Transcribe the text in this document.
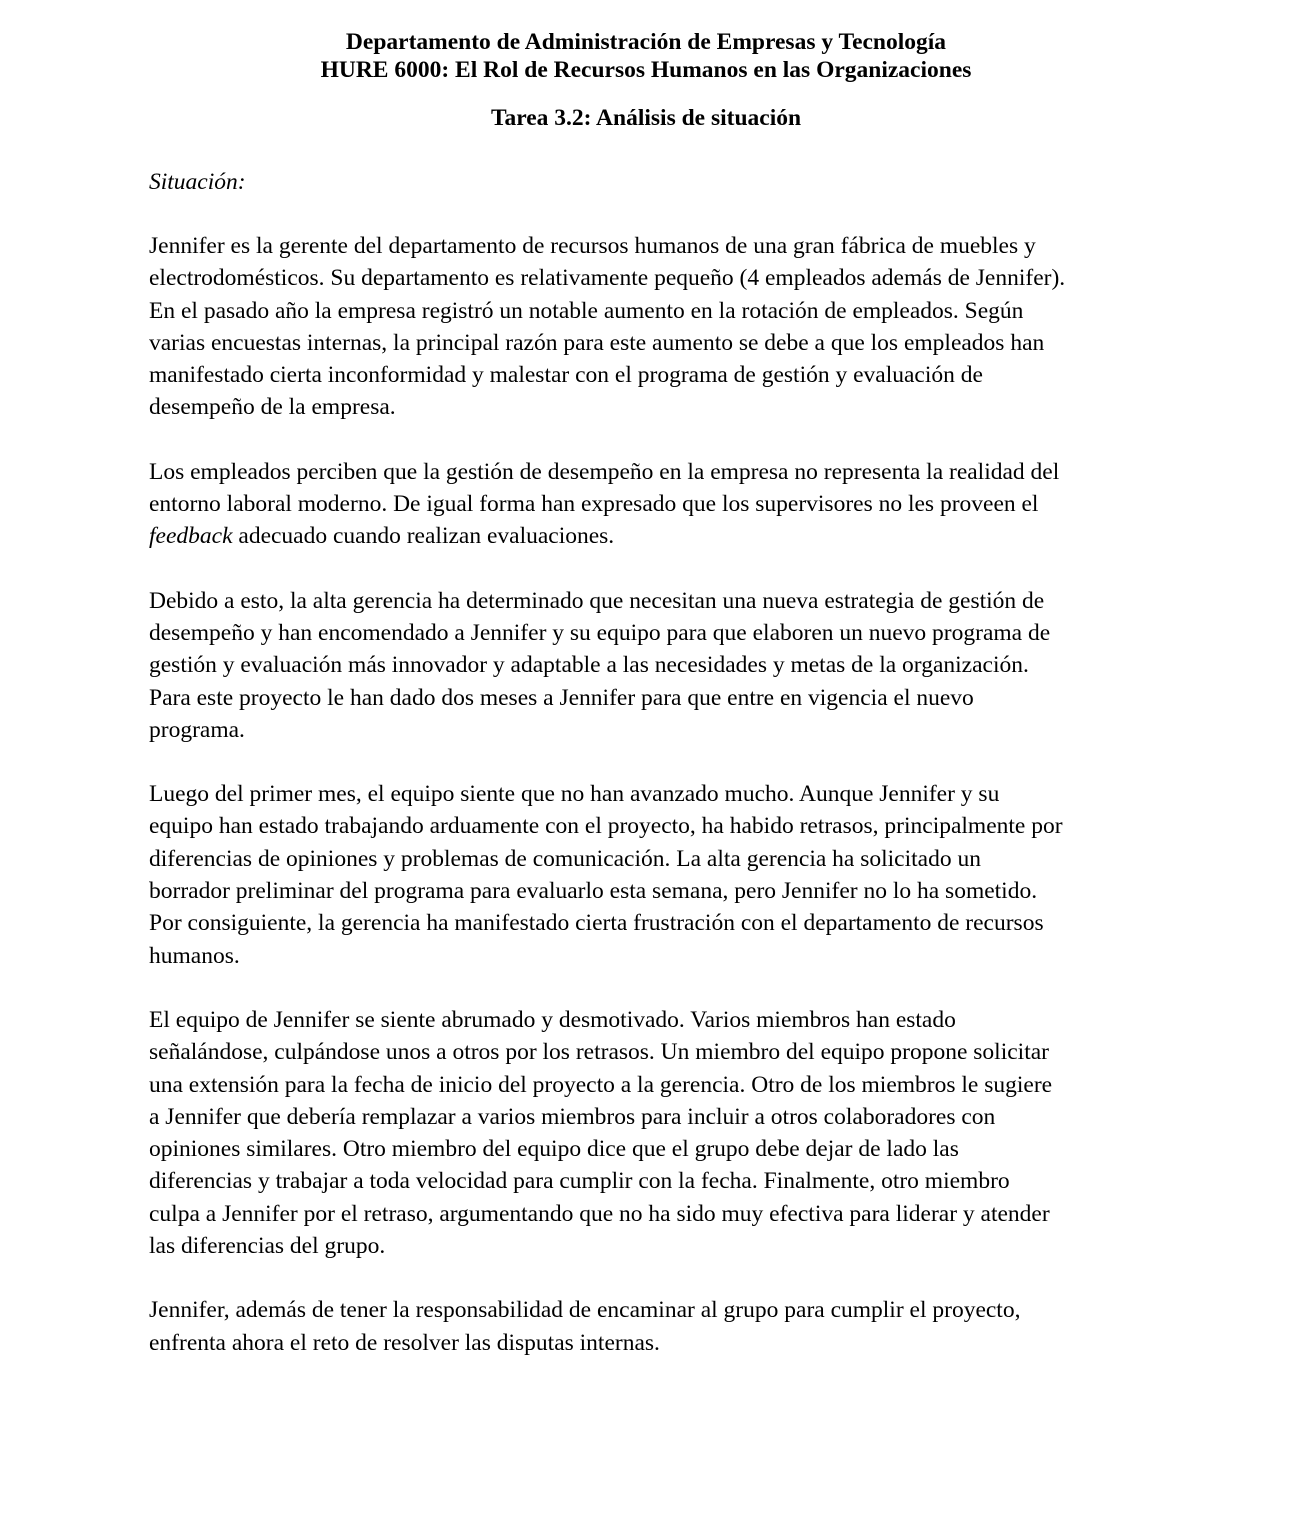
Departamento de Administración de Empresas y Tecnología
HURE 6000: El Rol de Recursos Humanos en las Organizaciones
Tarea 3.2: Análisis de situación
Situación:
Jennifer es la gerente del departamento de recursos humanos de una gran fábrica de muebles y
electrodomésticos. Su departamento es relativamente pequeño (4 empleados además de Jennifer).
En el pasado año la empresa registró un notable aumento en la rotación de empleados. Según
varias encuestas internas, la principal razón para este aumento se debe a que los empleados han
manifestado cierta inconformidad y malestar con el programa de gestión y evaluación de
desempeño de la empresa.
Los empleados perciben que la gestión de desempeño en la empresa no representa la realidad del
entorno laboral moderno. De igual forma han expresado que los supervisores no les proveen el
feedback adecuado cuando realizan evaluaciones.
Debido a esto, la alta gerencia ha determinado que necesitan una nueva estrategia de gestión de
desempeño y han encomendado a Jennifer y su equipo para que elaboren un nuevo programa de
gestión y evaluación más innovador y adaptable a las necesidades y metas de la organización.
Para este proyecto le han dado dos meses a Jennifer para que entre en vigencia el nuevo
programa.
Luego del primer mes, el equipo siente que no han avanzado mucho. Aunque Jennifer y su
equipo han estado trabajando arduamente con el proyecto, ha habido retrasos, principalmente por
diferencias de opiniones y problemas de comunicación. La alta gerencia ha solicitado un
borrador preliminar del programa para evaluarlo esta semana, pero Jennifer no lo ha sometido.
Por consiguiente, la gerencia ha manifestado cierta frustración con el departamento de recursos
humanos.
El equipo de Jennifer se siente abrumado y desmotivado. Varios miembros han estado
señalándose, culpándose unos a otros por los retrasos. Un miembro del equipo propone solicitar
una extensión para la fecha de inicio del proyecto a la gerencia. Otro de los miembros le sugiere
a Jennifer que debería remplazar a varios miembros para incluir a otros colaboradores con
opiniones similares. Otro miembro del equipo dice que el grupo debe dejar de lado las
diferencias y trabajar a toda velocidad para cumplir con la fecha. Finalmente, otro miembro
culpa a Jennifer por el retraso, argumentando que no ha sido muy efectiva para liderar y atender
las diferencias del grupo.
Jennifer, además de tener la responsabilidad de encaminar al grupo para cumplir el proyecto,
enfrenta ahora el reto de resolver las disputas internas.
